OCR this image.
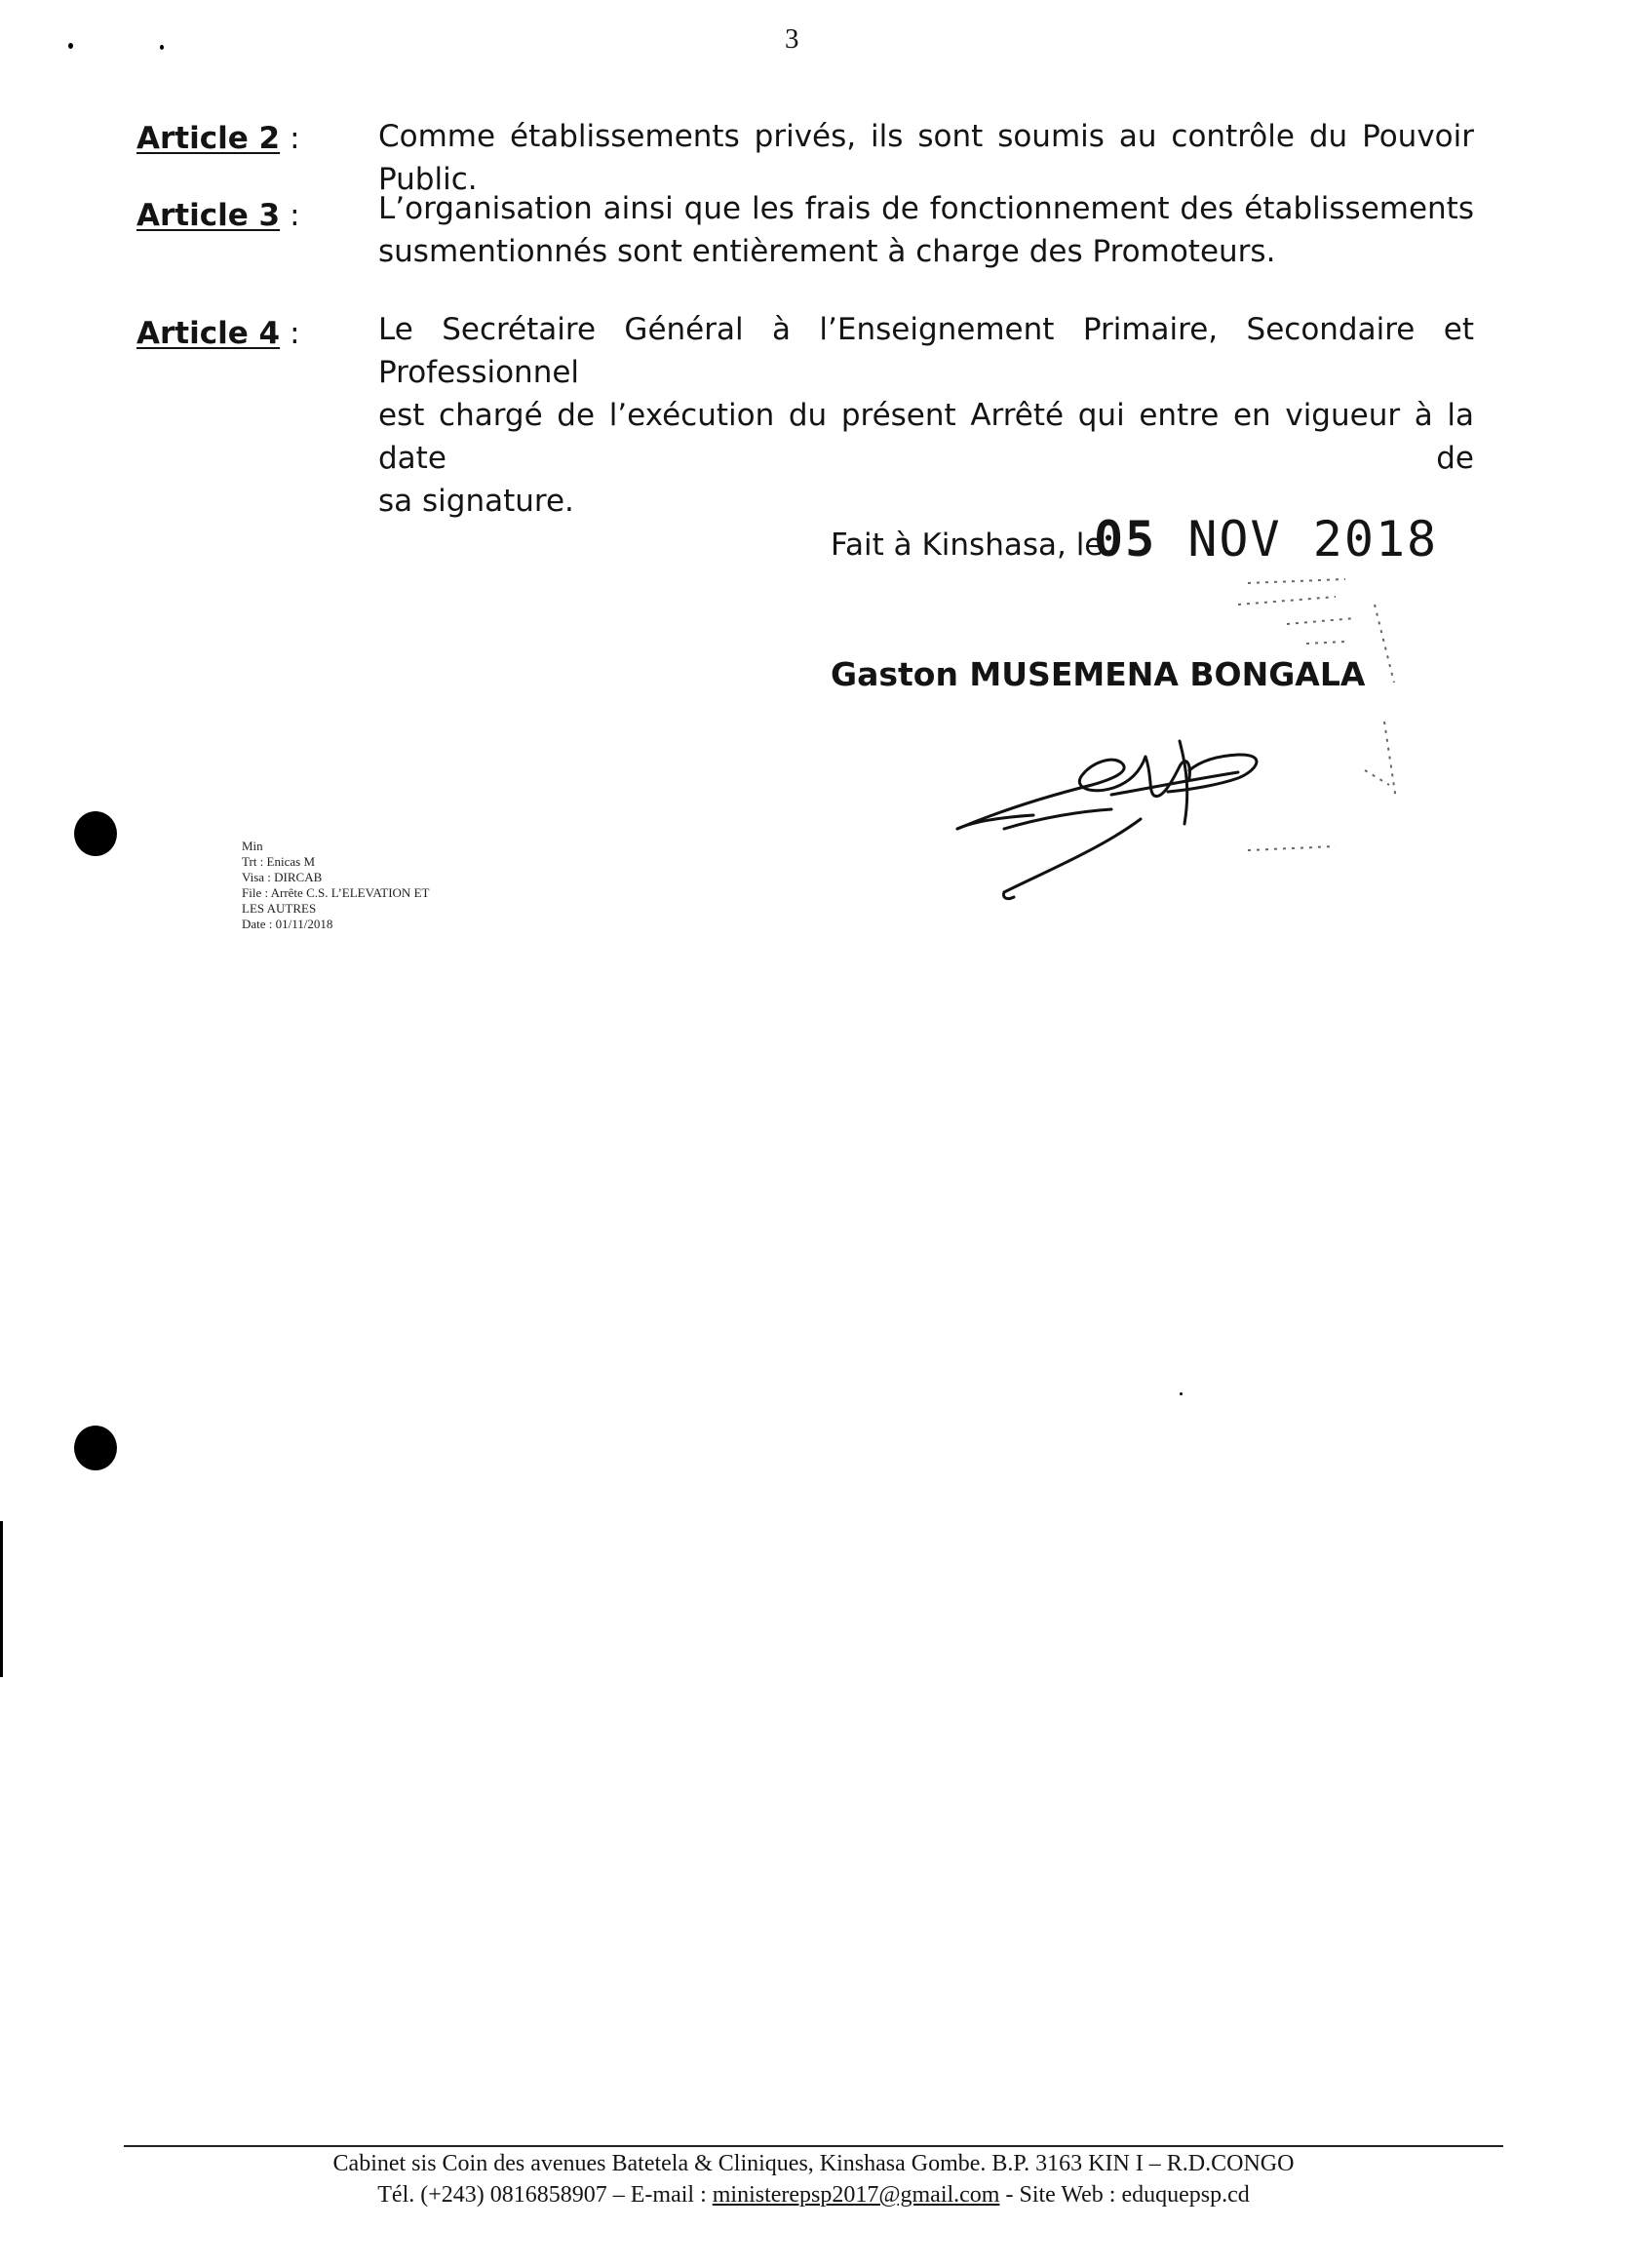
3
Article 2 :	Comme établissements privés, ils sont soumis au contrôle du Pouvoir Public.
Article 3 :	L’organisation ainsi que les frais de fonctionnement des établissements
susmentionnés sont entièrement à charge des Promoteurs.
Article 4 :	Le Secrétaire Général à l’Enseignement Primaire, Secondaire et Professionnel
est chargé de l’exécution du présent Arrêté qui entre en vigueur à la date de
sa signature.
Fait à Kinshasa, le
05 NOV 2018
Gaston MUSEMENA BONGALA
Min
Trt : Enicas M
Visa : DIRCAB
File : Arrête C.S. L’ELEVATION ET
LES AUTRES
Date : 01/11/2018
Cabinet sis Coin des avenues Batetela & Cliniques, Kinshasa Gombe. B.P. 3163 KIN I – R.D.CONGO
Tél. (+243) 0816858907 – E-mail : ministerepsp2017@gmail.com - Site Web : eduquepsp.cd
